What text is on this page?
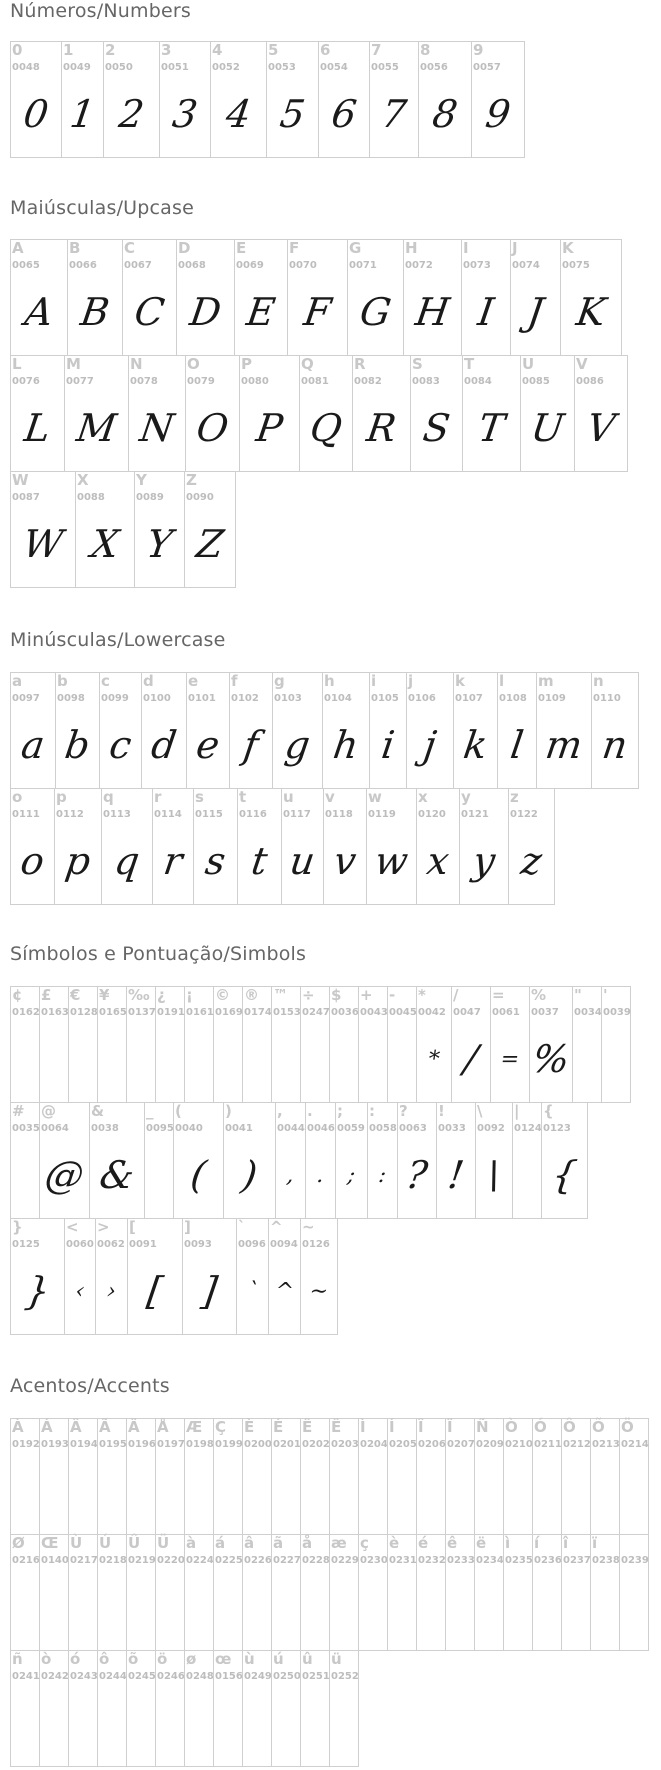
Números/Numbers
0
0048
0
1
0049
1
2
0050
2
3
0051
3
4
0052
4
5
0053
5
6
0054
6
7
0055
7
8
0056
8
9
0057
9
Maiúsculas/Upcase
A
0065
A
B
0066
B
C
0067
C
D
0068
D
E
0069
E
F
0070
F
G
0071
G
H
0072
H
I
0073
I
J
0074
J
K
0075
K
L
0076
L
M
0077
M
N
0078
N
O
0079
O
P
0080
P
Q
0081
Q
R
0082
R
S
0083
S
T
0084
T
U
0085
U
V
0086
V
W
0087
W
X
0088
X
Y
0089
Y
Z
0090
Z
Minúsculas/Lowercase
a
0097
a
b
0098
b
c
0099
c
d
0100
d
e
0101
e
f
0102
f
g
0103
g
h
0104
h
i
0105
i
j
0106
j
k
0107
k
l
0108
l
m
0109
m
n
0110
n
o
0111
o
p
0112
p
q
0113
q
r
0114
r
s
0115
s
t
0116
t
u
0117
u
v
0118
v
w
0119
w
x
0120
x
y
0121
y
z
0122
z
Símbolos e Pontuação/Simbols
¢
0162
£
0163
€
0128
¥
0165
‰
0137
¿
0191
¡
0161
©
0169
®
0174
™
0153
÷
0247
$
0036
+
0043
-
0045
*
0042
*
/
0047
/
=
0061
=
%
0037
%
"
0034
'
0039
#
0035
@
0064
@
&
0038
&
_
0095
(
0040
(
)
0041
)
,
0044
,
.
0046
.
;
0059
;
:
0058
:
?
0063
?
!
0033
!
\
0092
\
|
0124
{
0123
{
}
0125
}
<
0060
‹
>
0062
›
[
0091
[
]
0093
]
`
0096
`
^
0094
^
~
0126
~
Acentos/Accents
À
0192
Á
0193
Â
0194
Ã
0195
Ä
0196
Å
0197
Æ
0198
Ç
0199
È
0200
É
0201
Ê
0202
Ë
0203
Ì
0204
Í
0205
Î
0206
Ï
0207
Ñ
0209
Ò
0210
Ó
0211
Ô
0212
Õ
0213
Ö
0214
Ø
0216
Œ
0140
Ù
0217
Ú
0218
Û
0219
Ü
0220
à
0224
á
0225
â
0226
ã
0227
å
0228
æ
0229
ç
0230
è
0231
é
0232
ê
0233
ë
0234
ì
0235
í
0236
î
0237
ï
0238 0239
ñ
0241
ò
0242
ó
0243
ô
0244
õ
0245
ö
0246
ø
0248
œ
0156
ù
0249
ú
0250
û
0251
ü
0252
